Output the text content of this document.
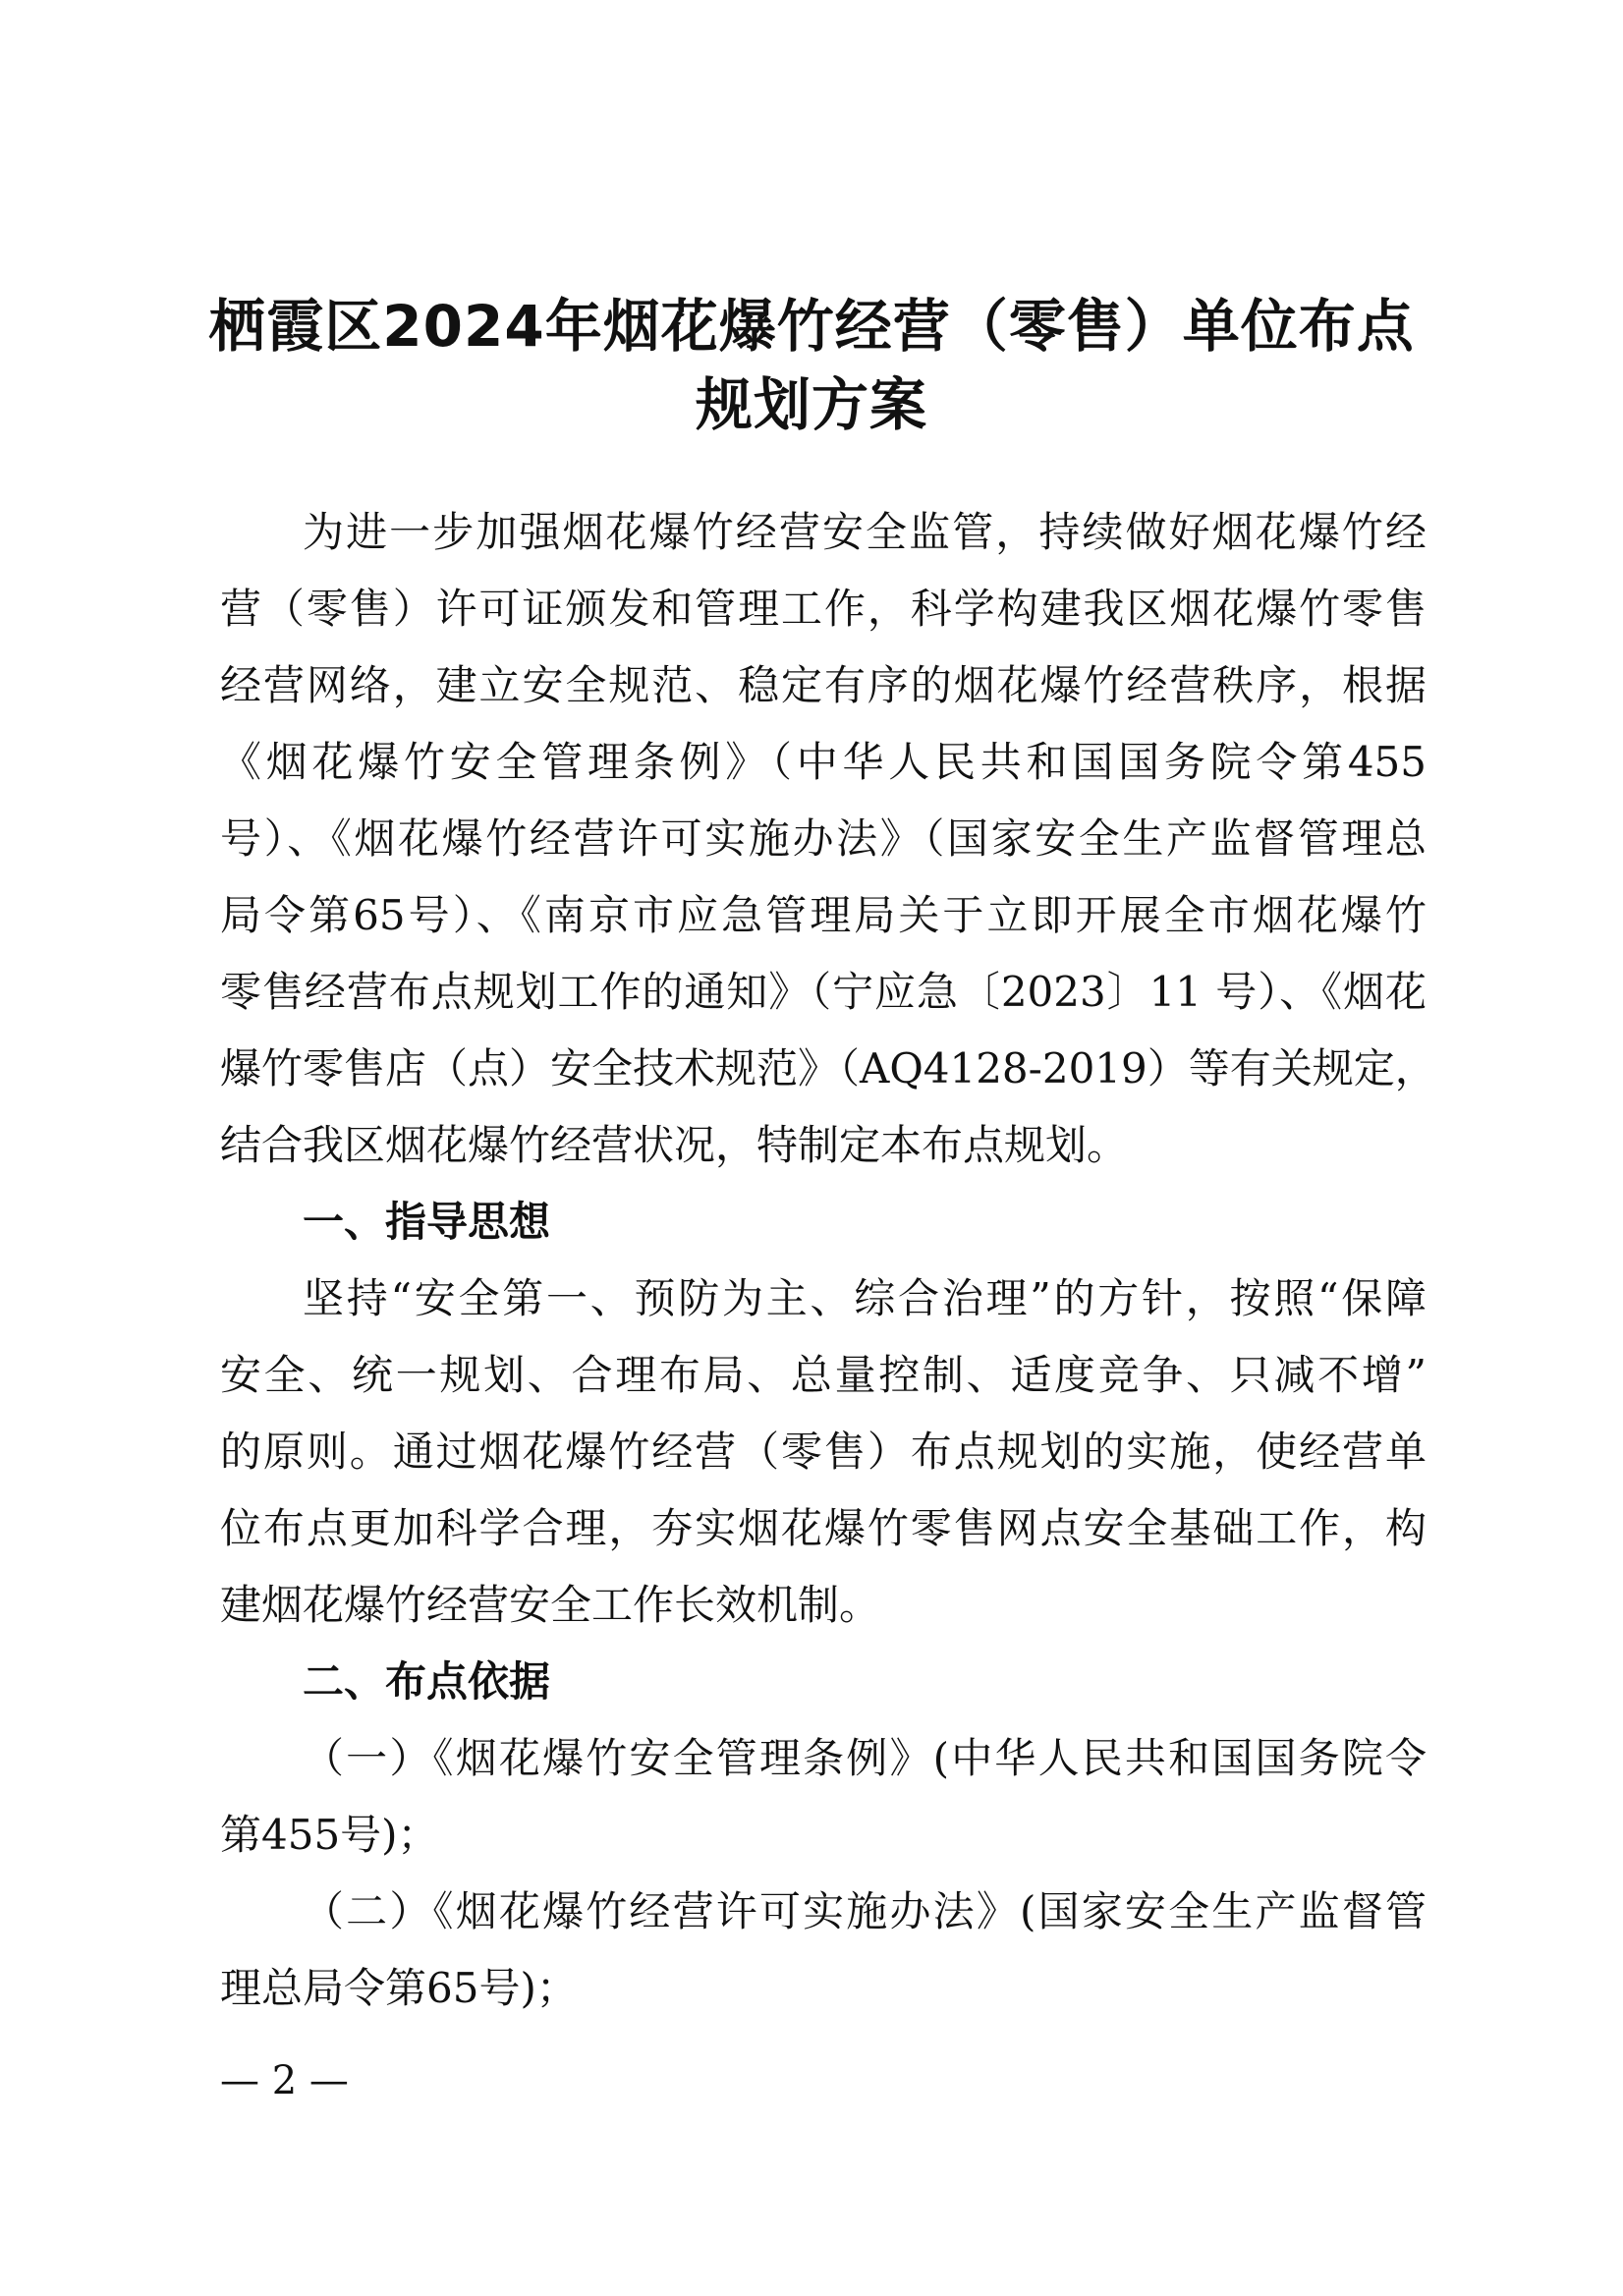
栖霞区2024年烟花爆竹经营（零售）单位布点
规划方案
为进一步加强烟花爆竹经营安全监管，持续做好烟花爆竹经
营（零售）许可证颁发和管理工作，科学构建我区烟花爆竹零售
经营网络，建立安全规范、稳定有序的烟花爆竹经营秩序，根据
《烟花爆竹安全管理条例》（中华人民共和国国务院令第455
号）、《烟花爆竹经营许可实施办法》（国家安全生产监督管理总
局令第65号）、《南京市应急管理局关于立即开展全市烟花爆竹
零售经营布点规划工作的通知》（宁应急〔2023〕11 号）、《烟花
爆竹零售店（点）安全技术规范》（AQ4128-2019）等有关规定，
结合我区烟花爆竹经营状况，特制定本布点规划。
一、指导思想
坚持“安全第一、预防为主、综合治理”的方针，按照“保障
安全、统一规划、合理布局、总量控制、适度竞争、只减不增”
的原则。通过烟花爆竹经营（零售）布点规划的实施，使经营单
位布点更加科学合理，夯实烟花爆竹零售网点安全基础工作，构
建烟花爆竹经营安全工作长效机制。
二、布点依据
（一）《烟花爆竹安全管理条例》(中华人民共和国国务院令
第455号)；
（二）《烟花爆竹经营许可实施办法》(国家安全生产监督管
理总局令第65号)；
— 2 —
